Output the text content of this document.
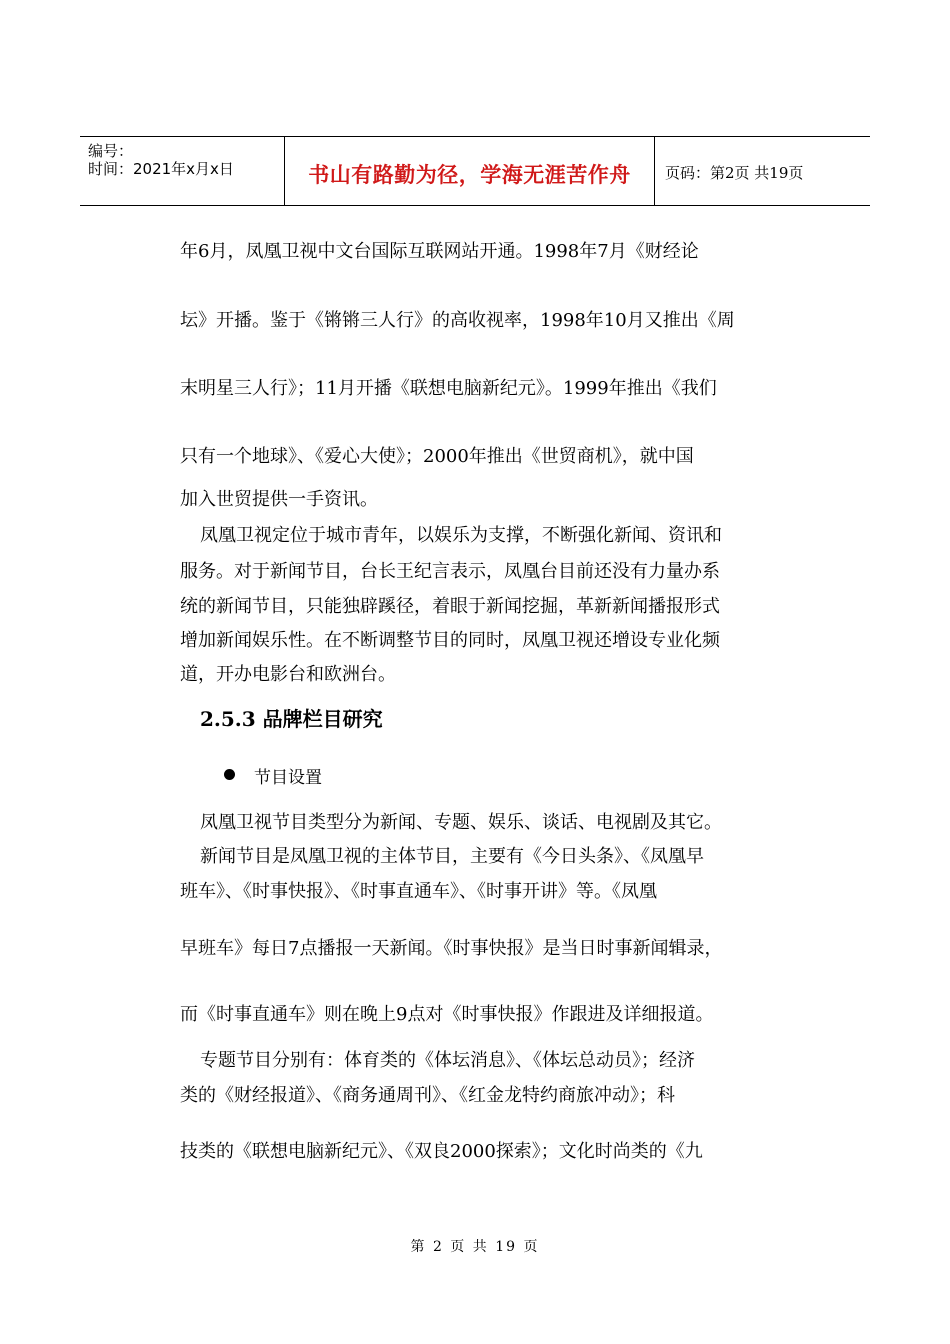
编号：
时间：2021年x月x日	书山有路勤为径，学海无涯苦作舟	页码：第2页 共19页
年6月，凤凰卫视中文台国际互联网站开通。1998年7月《财经论
坛》开播。鉴于《锵锵三人行》的高收视率，1998年10月又推出《周
末明星三人行》；11月开播《联想电脑新纪元》。1999年推出《我们
只有一个地球》、《爱心大使》；2000年推出《世贸商机》，就中国
加入世贸提供一手资讯。
凤凰卫视定位于城市青年，以娱乐为支撑，不断强化新闻、资讯和
服务。对于新闻节目，台长王纪言表示，凤凰台目前还没有力量办系
统的新闻节目，只能独辟蹊径，着眼于新闻挖掘，革新新闻播报形式
增加新闻娱乐性。在不断调整节目的同时，凤凰卫视还增设专业化频
道，开办电影台和欧洲台。
2.5.3 品牌栏目研究
节目设置
凤凰卫视节目类型分为新闻、专题、娱乐、谈话、电视剧及其它。
新闻节目是凤凰卫视的主体节目，主要有《今日头条》、《凤凰早
班车》、《时事快报》、《时事直通车》、《时事开讲》等。《凤凰
早班车》每日7点播报一天新闻。《时事快报》是当日时事新闻辑录，
而《时事直通车》则在晚上9点对《时事快报》作跟进及详细报道。
专题节目分别有：体育类的《体坛消息》、《体坛总动员》；经济
类的《财经报道》、《商务通周刊》、《红金龙特约商旅冲动》；科
技类的《联想电脑新纪元》、《双良2000探索》；文化时尚类的《九
第 2 页 共 19 页
